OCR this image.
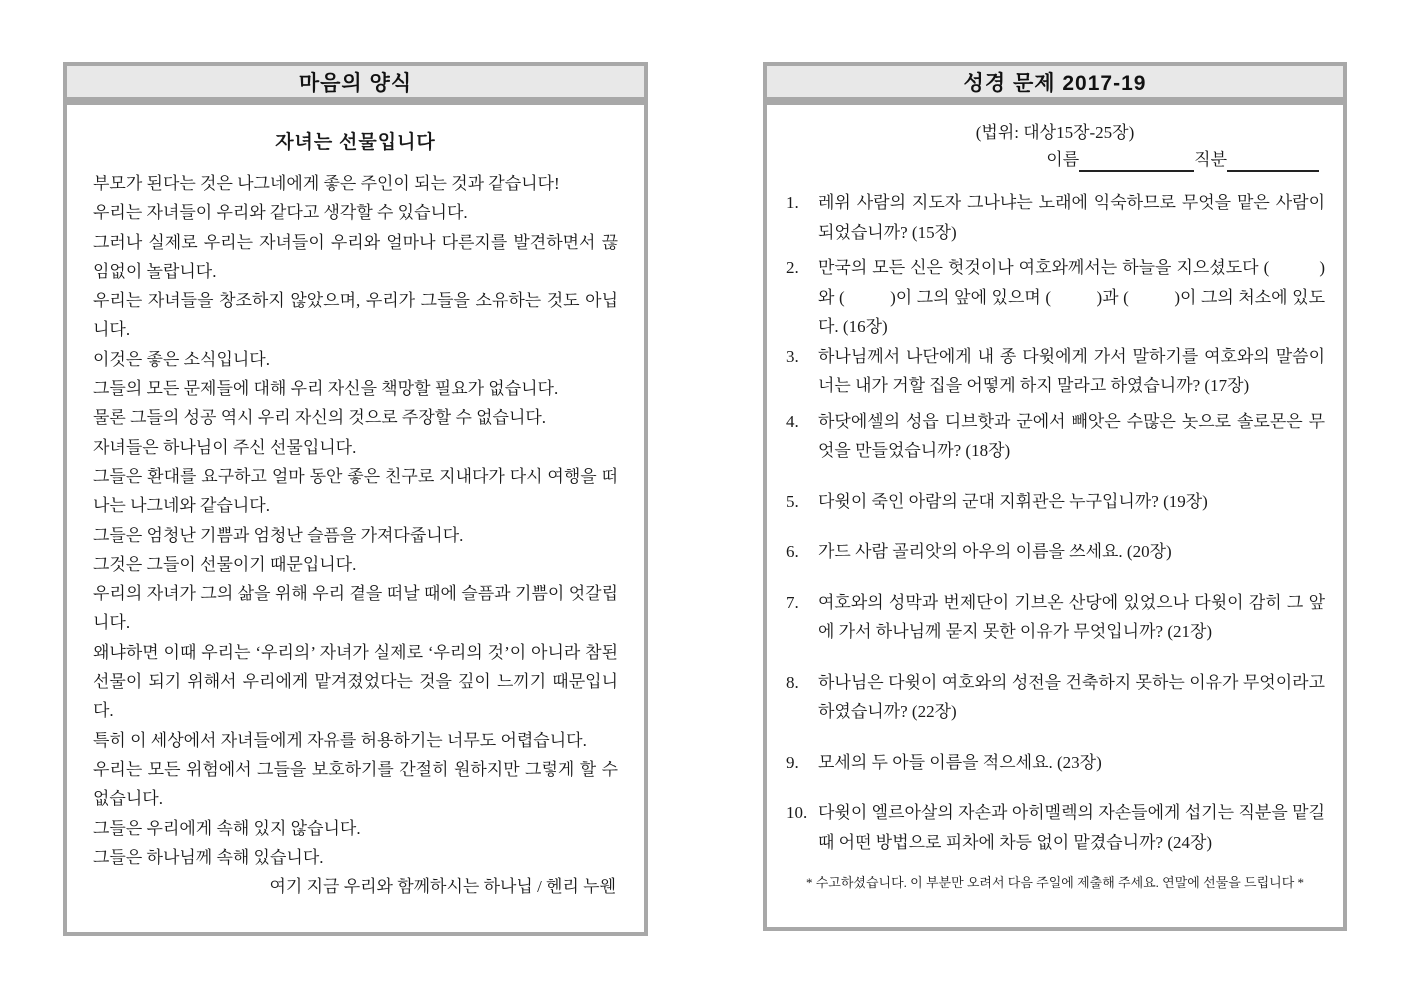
마음의 양식
자녀는 선물입니다

부모가 된다는 것은 나그네에게 좋은 주인이 되는 것과 같습니다!

우리는 자녀들이 우리와 같다고 생각할 수 있습니다.

그러나 실제로 우리는 자녀들이 우리와 얼마나 다른지를 발견하면서 끊임없이 놀랍니다.

우리는 자녀들을 창조하지 않았으며, 우리가 그들을 소유하는 것도 아닙니다.

이것은 좋은 소식입니다.

그들의 모든 문제들에 대해 우리 자신을 책망할 필요가 없습니다.

물론 그들의 성공 역시 우리 자신의 것으로 주장할 수 없습니다.

자녀들은 하나님이 주신 선물입니다.

그들은 환대를 요구하고 얼마 동안 좋은 친구로 지내다가 다시 여행을 떠나는 나그네와 같습니다.

그들은 엄청난 기쁨과 엄청난 슬픔을 가져다줍니다.

그것은 그들이 선물이기 때문입니다.

우리의 자녀가 그의 삶을 위해 우리 곁을 떠날 때에 슬픔과 기쁨이 엇갈립니다.

왜냐하면 이때 우리는 ‘우리의’ 자녀가 실제로 ‘우리의 것’이 아니라 참된 선물이 되기 위해서 우리에게 맡겨졌었다는 것을 깊이 느끼기 때문입니다.

특히 이 세상에서 자녀들에게 자유를 허용하기는 너무도 어렵습니다.

우리는 모든 위험에서 그들을 보호하기를 간절히 원하지만 그렇게 할 수 없습니다.

그들은 우리에게 속해 있지 않습니다.

그들은 하나님께 속해 있습니다.

여기 지금 우리와 함께하시는 하나닙 / 헨리 누웬
성경 문제 2017-19
(법위: 대상15장-25장)
이름	직분
1. 레위 사람의 지도자 그나냐는 노래에 익숙하므로 무엇을 맡은 사람이 되었습니까? (15장)
2. 만국의 모든 신은 헛것이나 여호와께서는 하늘을 지으셨도다 (          )와 (          )이 그의 앞에 있으며 (          )과 (          )이 그의 처소에 있도다. (16장)
3. 하나님께서 나단에게 내 종 다윗에게 가서 말하기를 여호와의 말씀이 너는 내가 거할 집을 어떻게 하지 말라고 하였습니까? (17장)
4. 하닷에셀의 성읍 디브핫과 군에서 빼앗은 수많은 놋으로 솔로몬은 무엇을 만들었습니까? (18장)
5. 다윗이 죽인 아람의 군대 지휘관은 누구입니까? (19장)
6. 가드 사람 골리앗의 아우의 이름을 쓰세요. (20장)
7. 여호와의 성막과 번제단이 기브온 산당에 있었으나 다윗이 감히 그 앞에 가서 하나님께 묻지 못한 이유가 무엇입니까? (21장)
8. 하나님은 다윗이 여호와의 성전을 건축하지 못하는 이유가 무엇이라고 하였습니까? (22장)
9. 모세의 두 아들 이름을 적으세요. (23장)
10. 다윗이 엘르아살의 자손과 아히멜렉의 자손들에게 섭기는 직분을 맡길 때 어떤 방법으로 피차에 차등 없이 맡겼습니까? (24장)
* 수고하셨습니다. 이 부분만 오려서 다음 주일에 제출해 주세요. 연말에 선물을 드립니다 *
